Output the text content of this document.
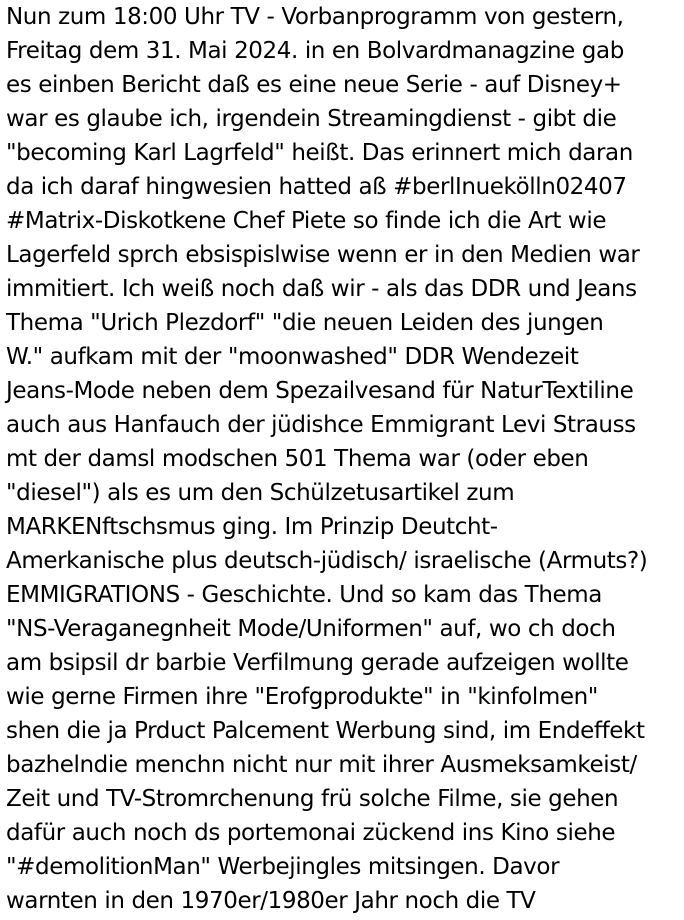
Nun zum 18:00 Uhr TV - Vorbanprogramm von gestern,
Freitag dem 31. Mai 2024. in en Bolvardmanagzine gab
es einben Bericht daß es eine neue Serie - auf Disney+
war es glaube ich, irgendein Streamingdienst - gibt die
"becoming Karl Lagrfeld" heißt. Das erinnert mich daran
da ich daraf hingwesien hatted aß #berlInuekölln02407
#Matrix-Diskotkene Chef Piete so finde ich die Art wie
Lagerfeld sprch ebsispislwise wenn er in den Medien war
immitiert. Ich weiß noch daß wir - als das DDR und Jeans
Thema "Urich Plezdorf" "die neuen Leiden des jungen
W." aufkam mit der "moonwashed" DDR Wendezeit
Jeans-Mode neben dem Spezailvesand für NaturTextiline
auch aus Hanfauch der jüdishce Emmigrant Levi Strauss
mt der damsl modschen 501 Thema war (oder eben
"diesel") als es um den Schülzetusartikel zum
MARKENftschsmus ging. Im Prinzip Deutcht-
Amerkanische plus deutsch-jüdisch/ israelische (Armuts?)
EMMIGRATIONS - Geschichte. Und so kam das Thema
"NS-Veraganegnheit Mode/Uniformen" auf, wo ch doch
am bsipsil dr barbie Verfilmung gerade aufzeigen wollte
wie gerne Firmen ihre "Erofgprodukte" in "kinfolmen"
shen die ja Prduct Palcement Werbung sind, im Endeffekt
bazhelndie menchn nicht nur mit ihrer Ausmeksamkeist/
Zeit und TV-Stromrchenung frü solche Filme, sie gehen
dafür auch noch ds portemonai zückend ins Kino siehe
"#demolitionMan" Werbejingles mitsingen. Davor
warnten in den 1970er/1980er Jahr noch die TV
